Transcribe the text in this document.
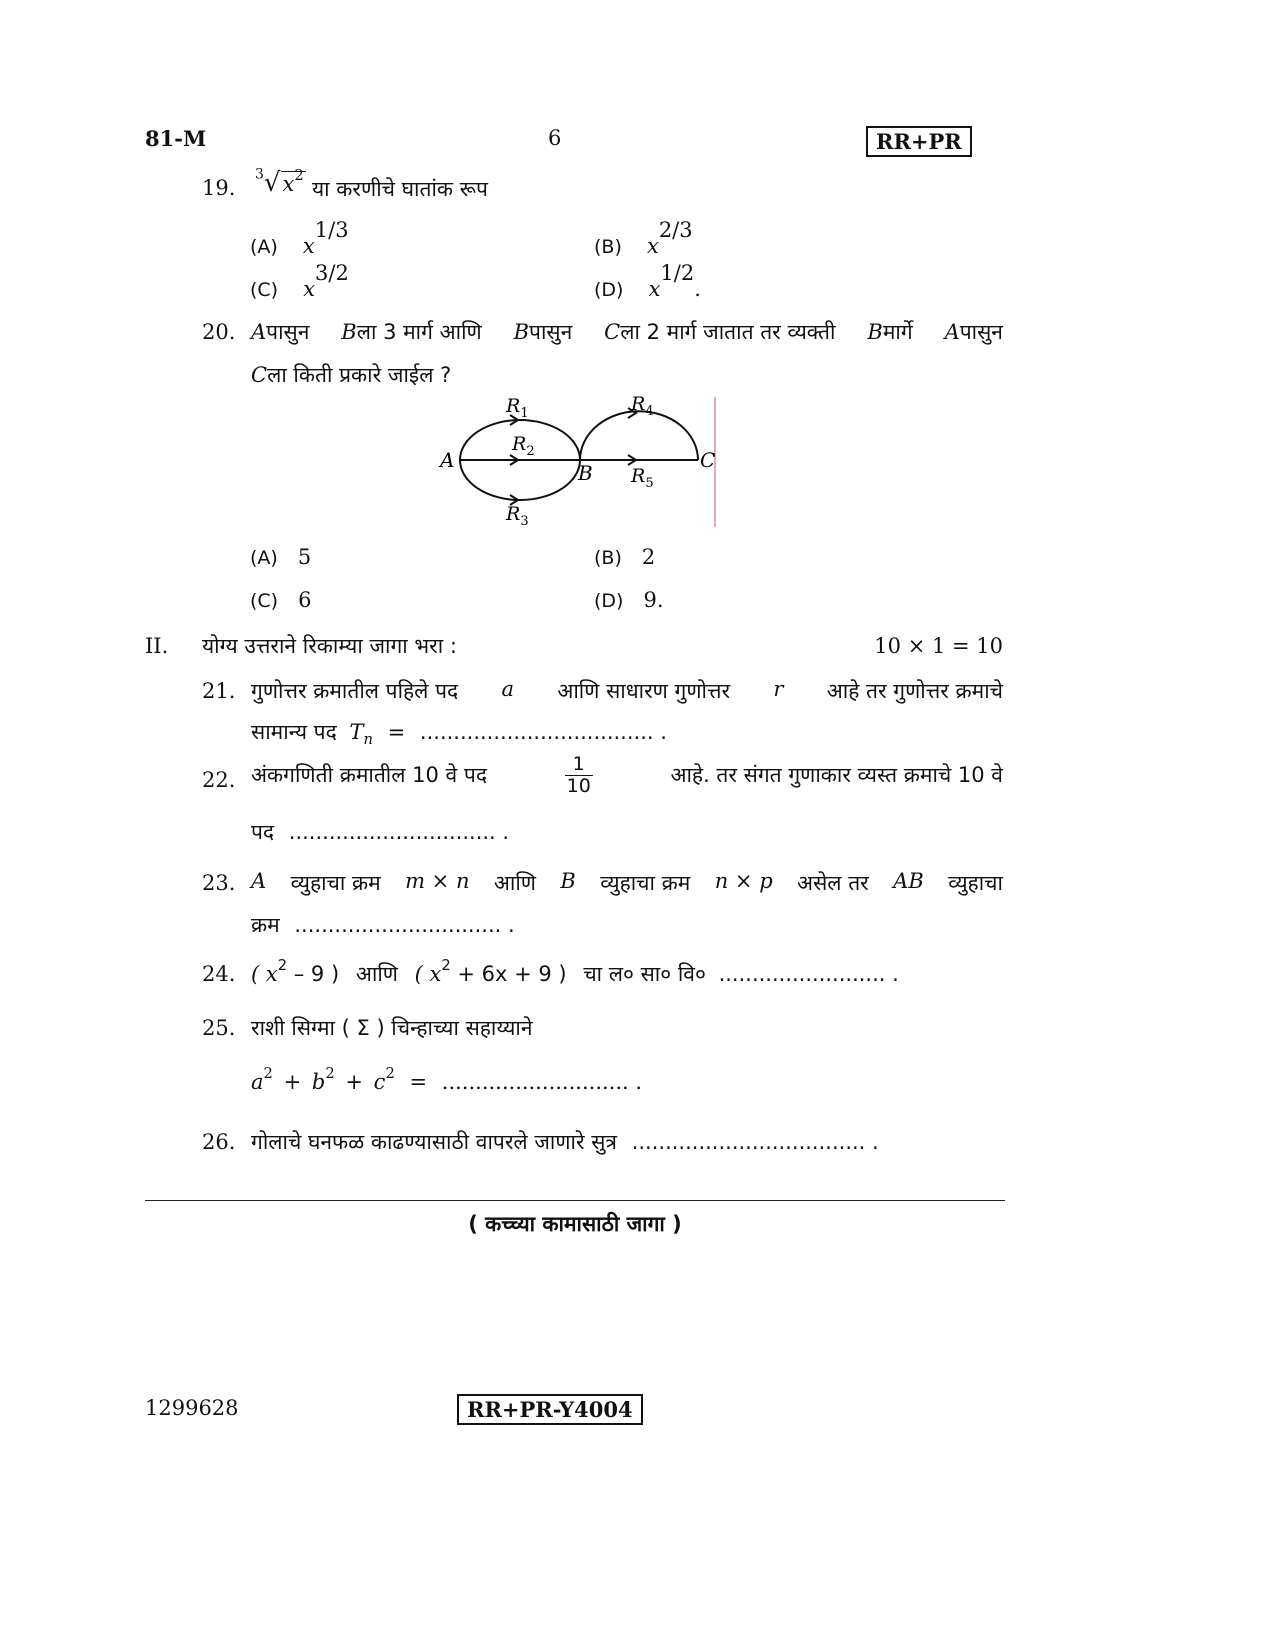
81-M	6	RR+PR
19.
$^3√x^2$
या करणीचे घातांक रूप
(A) $x^{1/3}$
(B) $x^{2/3}$
(C) $x^{3/2}$
(D) $x^{1/2}$.
20. Aपासुन Bला 3 मार्ग आणि Bपासुन Cला 2 मार्ग जातात तर व्यक्ती Bमार्गे Aपासुन
Cला किती प्रकारे जाईल ?
A
B
C
$R_1$
$R_2$
$R_3$
$R_4$
$R_5$
(A) 5	(B) 2
(C) 6	(D) 9.
II. योग्य उत्तराने रिकाम्या जागा भरा :	10 × 1 = 10
21. गुणोत्तर क्रमातील पहिले पद a आणि साधारण गुणोत्तर r आहे तर गुणोत्तर क्रमाचे
सामान्य पद $T_n$ = ................................... .
22. अंकगणिती क्रमातील 10 वे पद	$\frac{1}{10}$	आहे. तर संगत गुणाकार व्यस्त क्रमाचे 10 वे
पद ............................... .
23. A व्युहाचा क्रम m × n आणि B व्युहाचा क्रम n × p असेल तर AB व्युहाचा
क्रम ............................... .
24. ( $x^2 - 9$ ) आणि ( $x^2 + 6x + 9$ ) चा ल० सा० वि० ......................... .
25. राशी सिग्मा ( Σ ) चिन्हाच्या सहाय्याने
$a^2 + b^2 + c^2$ = ............................ .
26. गोलाचे घनफळ काढण्यासाठी वापरले जाणारे सुत्र ................................... .
( कच्च्या कामासाठी जागा )
1299628	RR+PR-Y4004
